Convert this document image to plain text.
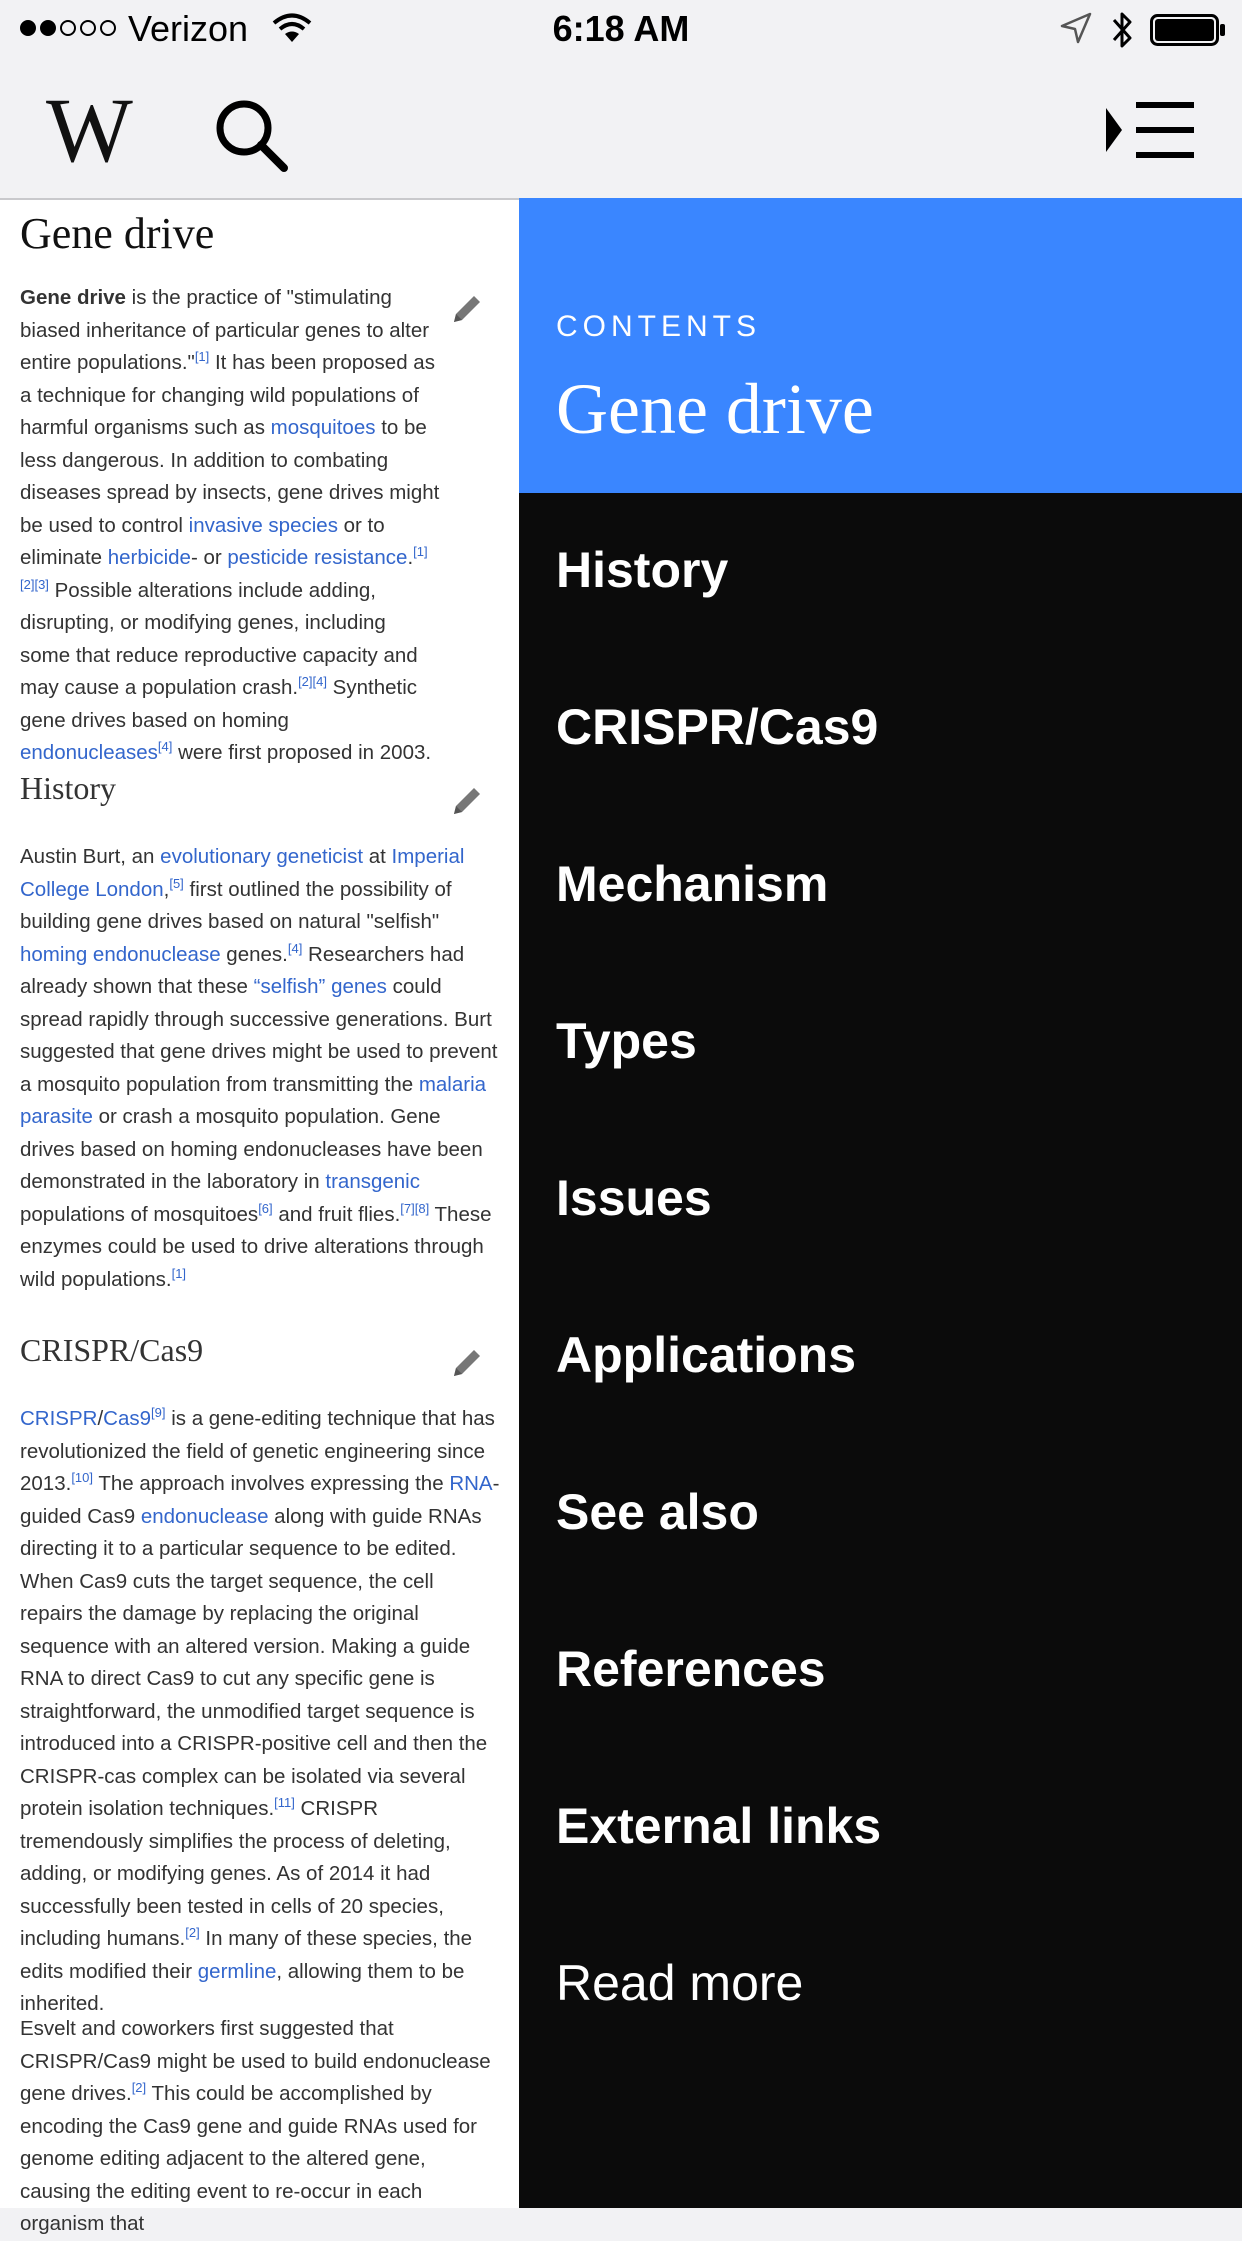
Verizon	6:18 AM
W
Gene drive

Gene drive is the practice of "stimulating biased inheritance of particular genes to alter entire populations."[1] It has been proposed as a technique for changing wild populations of harmful organisms such as mosquitoes to be less dangerous. In addition to combating diseases spread by insects, gene drives might be used to control invasive species or to eliminate herbicide- or pesticide resistance.[1][2][3] Possible alterations include adding, disrupting, or modifying genes, including some that reduce reproductive capacity and may cause a population crash.[2][4] Synthetic gene drives based on homing endonucleases[4] were first proposed in 2003.

History

Austin Burt, an evolutionary geneticist at Imperial College London,[5] first outlined the possibility of building gene drives based on natural "selfish" homing endonuclease genes.[4] Researchers had already shown that these “selfish” genes could spread rapidly through successive generations. Burt suggested that gene drives might be used to prevent a mosquito population from transmitting the malaria parasite or crash a mosquito population. Gene drives based on homing endonucleases have been demonstrated in the laboratory in transgenic populations of mosquitoes[6] and fruit flies.[7][8] These enzymes could be used to drive alterations through wild populations.[1]

CRISPR/Cas9

CRISPR/Cas9[9] is a gene-editing technique that has revolutionized the field of genetic engineering since 2013.[10] The approach involves expressing the RNA-guided Cas9 endonuclease along with guide RNAs directing it to a particular sequence to be edited. When Cas9 cuts the target sequence, the cell repairs the damage by replacing the original sequence with an altered version. Making a guide RNA to direct Cas9 to cut any specific gene is straightforward, the unmodified target sequence is introduced into a CRISPR-positive cell and then the CRISPR-cas complex can be isolated via several protein isolation techniques.[11] CRISPR tremendously simplifies the process of deleting, adding, or modifying genes. As of 2014 it had successfully been tested in cells of 20 species, including humans.[2] In many of these species, the edits modified their germline, allowing them to be inherited.

Esvelt and coworkers first suggested that CRISPR/Cas9 might be used to build endonuclease gene drives.[2] This could be accomplished by encoding the Cas9 gene and guide RNAs used for genome editing adjacent to the altered gene, causing the editing event to re-occur in each organism that

CONTENTS
Gene drive
History
CRISPR/Cas9
Mechanism
Types
Issues
Applications
See also
References
External links
Read more
